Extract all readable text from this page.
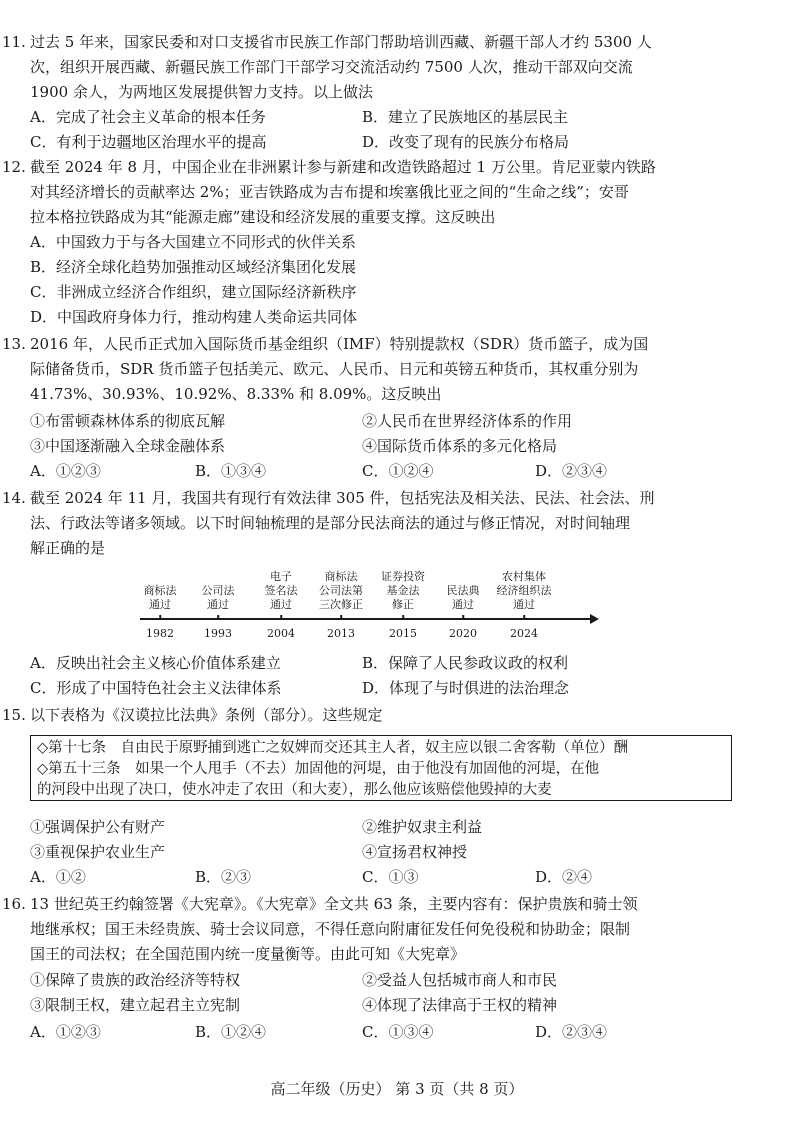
11. 过去 5 年来，国家民委和对口支援省市民族工作部门帮助培训西藏、新疆干部人才约 5300 人
次，组织开展西藏、新疆民族工作部门干部学习交流活动约 7500 人次，推动干部双向交流
1900 余人，为两地区发展提供智力支持。以上做法
A．完成了社会主义革命的根本任务	B．建立了民族地区的基层民主
C．有利于边疆地区治理水平的提高	D．改变了现有的民族分布格局
12. 截至 2024 年 8 月，中国企业在非洲累计参与新建和改造铁路超过 1 万公里。肯尼亚蒙内铁路
对其经济增长的贡献率达 2%；亚吉铁路成为吉布提和埃塞俄比亚之间的“生命之线”；安哥
拉本格拉铁路成为其“能源走廊”建设和经济发展的重要支撑。这反映出
A．中国致力于与各大国建立不同形式的伙伴关系
B．经济全球化趋势加强推动区域经济集团化发展
C．非洲成立经济合作组织，建立国际经济新秩序
D．中国政府身体力行，推动构建人类命运共同体
13. 2016 年，人民币正式加入国际货币基金组织（IMF）特别提款权（SDR）货币篮子，成为国
际储备货币，SDR 货币篮子包括美元、欧元、人民币、日元和英镑五种货币，其权重分别为
41.73%、30.93%、10.92%、8.33% 和 8.09%。这反映出
①布雷顿森林体系的彻底瓦解	②人民币在世界经济体系的作用
③中国逐渐融入全球金融体系	④国际货币体系的多元化格局
A．①②③	B．①③④	C．①②④	D．②③④
14. 截至 2024 年 11 月，我国共有现行有效法律 305 件，包括宪法及相关法、民法、社会法、刑
法、行政法等诸多领域。以下时间轴梳理的是部分民法商法的通过与修正情况，对时间轴理
解正确的是
商标法
通过
1982
公司法
通过
1993
电子
签名法
通过
2004
商标法
公司法第
三次修正
2013
证券投资
基金法
修正
2015
民法典
通过
2020
农村集体
经济组织法
通过
2024
A．反映出社会主义核心价值体系建立	B．保障了人民参政议政的权利
C．形成了中国特色社会主义法律体系	D．体现了与时俱进的法治理念
15. 以下表格为《汉谟拉比法典》条例（部分）。这些规定
◇第十七条　自由民于原野捕到逃亡之奴婢而交还其主人者，奴主应以银二舍客勒（单位）酬
◇第五十三条　如果一个人甩手（不去）加固他的河堤，由于他没有加固他的河堤，在他
的河段中出现了决口，使水冲走了农田（和大麦），那么他应该赔偿他毁掉的大麦
①强调保护公有财产	②维护奴隶主利益
③重视保护农业生产	④宣扬君权神授
A．①②	B．②③	C．①③	D．②④
16. 13 世纪英王约翰签署《大宪章》。《大宪章》全文共 63 条，主要内容有：保护贵族和骑士领
地继承权；国王未经贵族、骑士会议同意，不得任意向附庸征发任何免役税和协助金；限制
国王的司法权；在全国范围内统一度量衡等。由此可知《大宪章》
①保障了贵族的政治经济等特权	②受益人包括城市商人和市民
③限制王权，建立起君主立宪制	④体现了法律高于王权的精神
A．①②③	B．①②④	C．①③④	D．②③④
高二年级（历史） 第 3 页（共 8 页）
